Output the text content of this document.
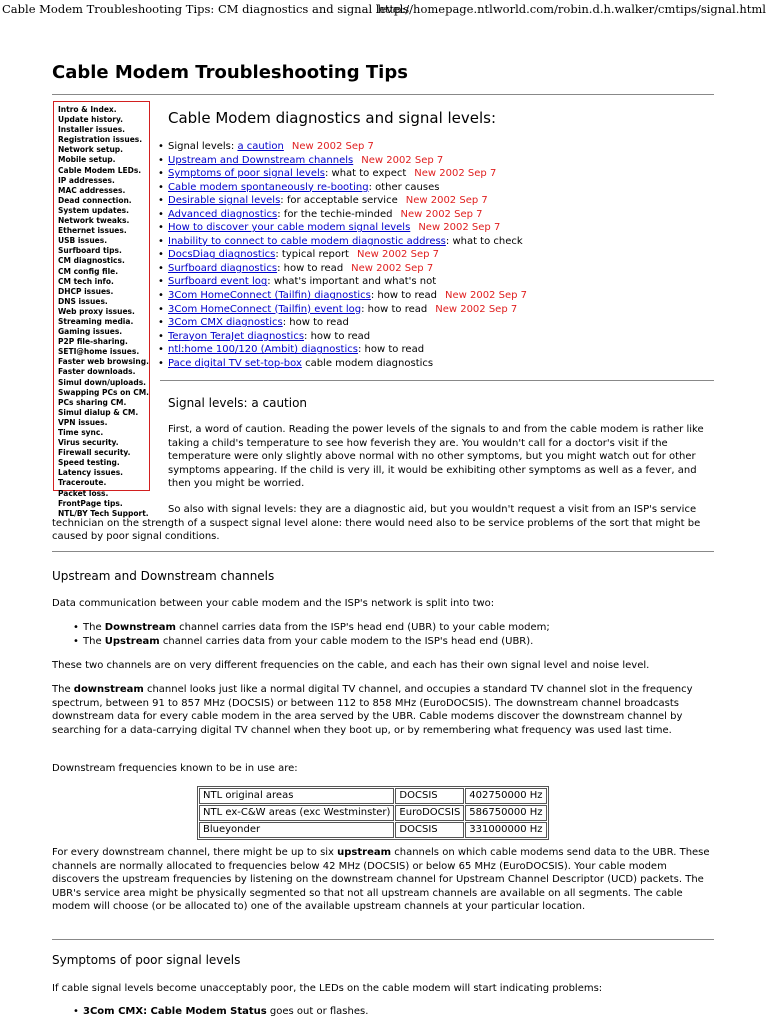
Cable Modem Troubleshooting Tips: CM diagnostics and signal levels
http://homepage.ntlworld.com/robin.d.h.walker/cmtips/signal.html
Cable Modem Troubleshooting Tips
Intro & Index.
Update history.
Installer issues.
Registration issues.
Network setup.
Mobile setup.
Cable Modem LEDs.
IP addresses.
MAC addresses.
Dead connection.
System updates.
Network tweaks.
Ethernet issues.
USB issues.
Surfboard tips.
CM diagnostics.
CM config file.
CM tech info.
DHCP issues.
DNS issues.
Web proxy issues.
Streaming media.
Gaming issues.
P2P file-sharing.
SETI@home issues.
Faster web browsing.
Faster downloads.
Simul down/uploads.
Swapping PCs on CM.
PCs sharing CM.
Simul dialup & CM.
VPN issues.
Time sync.
Virus security.
Firewall security.
Speed testing.
Latency issues.
Traceroute.
Packet loss.
FrontPage tips.
NTL/BY Tech Support.
Cable Modem diagnostics and signal levels:
• Signal levels: a caution New 2002 Sep 7
• Upstream and Downstream channels New 2002 Sep 7
• Symptoms of poor signal levels: what to expect New 2002 Sep 7
• Cable modem spontaneously re-booting: other causes
• Desirable signal levels: for acceptable service New 2002 Sep 7
• Advanced diagnostics: for the techie-minded New 2002 Sep 7
• How to discover your cable modem signal levels New 2002 Sep 7
• Inability to connect to cable modem diagnostic address: what to check
• DocsDiag diagnostics: typical report New 2002 Sep 7
• Surfboard diagnostics: how to read New 2002 Sep 7
• Surfboard event log: what's important and what's not
• 3Com HomeConnect (Tailfin) diagnostics: how to read New 2002 Sep 7
• 3Com HomeConnect (Tailfin) event log: how to read New 2002 Sep 7
• 3Com CMX diagnostics: how to read
• Terayon TeraJet diagnostics: how to read
• ntl:home 100/120 (Ambit) diagnostics: how to read
• Pace digital TV set-top-box cable modem diagnostics
Signal levels: a caution

First, a word of caution. Reading the power levels of the signals to and from the cable modem is rather like taking a child's temperature to see how feverish they are. You wouldn't call for a doctor's visit if the temperature were only slightly above normal with no other symptoms, but you might watch out for other symptoms appearing. If the child is very ill, it would be exhibiting other symptoms as well as a fever, and then you might be worried.

So also with signal levels: they are a diagnostic aid, but you wouldn't request a visit from an ISP's service technician on the strength of a suspect signal level alone: there would need also to be service problems of the sort that might be caused by poor signal conditions.

Upstream and Downstream channels

Data communication between your cable modem and the ISP's network is split into two:

• The Downstream channel carries data from the ISP's head end (UBR) to your cable modem;
• The Upstream channel carries data from your cable modem to the ISP's head end (UBR).

These two channels are on very different frequencies on the cable, and each has their own signal level and noise level.

The downstream channel looks just like a normal digital TV channel, and occupies a standard TV channel slot in the frequency spectrum, between 91 to 857 MHz (DOCSIS) or between 112 to 858 MHz (EuroDOCSIS). The downstream channel broadcasts downstream data for every cable modem in the area served by the UBR. Cable modems discover the downstream channel by searching for a data-carrying digital TV channel when they boot up, or by remembering what frequency was used last time.

Downstream frequencies known to be in use are:

NTL original areas	DOCSIS	402750000 Hz
NTL ex-C&W areas (exc Westminster)	EuroDOCSIS	586750000 Hz
Blueyonder	DOCSIS	331000000 Hz

For every downstream channel, there might be up to six upstream channels on which cable modems send data to the UBR. These channels are normally allocated to frequencies below 42 MHz (DOCSIS) or below 65 MHz (EuroDOCSIS). Your cable modem discovers the upstream frequencies by listening on the downstream channel for Upstream Channel Descriptor (UCD) packets. The UBR's service area might be physically segmented so that not all upstream channels are available on all segments. The cable modem will choose (or be allocated to) one of the available upstream channels at your particular location.

Symptoms of poor signal levels

If cable signal levels become unacceptably poor, the LEDs on the cable modem will start indicating problems:

• 3Com CMX: Cable Modem Status goes out or flashes.
